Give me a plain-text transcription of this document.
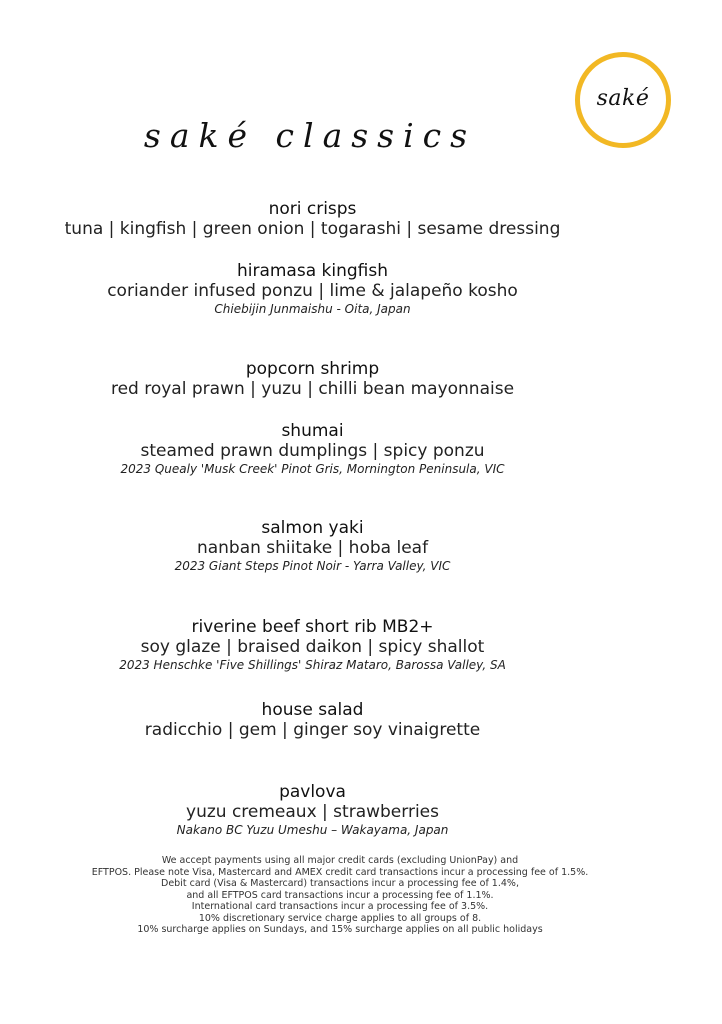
saké
saké classics
nori crisps
tuna | kingfish | green onion | togarashi | sesame dressing
hiramasa kingfish
coriander infused ponzu | lime & jalapeño kosho
Chiebijin Junmaishu - Oita, Japan
popcorn shrimp
red royal prawn | yuzu | chilli bean mayonnaise
shumai
steamed prawn dumplings | spicy ponzu
2023 Quealy 'Musk Creek' Pinot Gris, Mornington Peninsula, VIC
salmon yaki
nanban shiitake | hoba leaf
2023 Giant Steps Pinot Noir - Yarra Valley, VIC
riverine beef short rib MB2+
soy glaze | braised daikon | spicy shallot
2023 Henschke 'Five Shillings' Shiraz Mataro, Barossa Valley, SA
house salad
radicchio | gem | ginger soy vinaigrette
pavlova
yuzu cremeaux | strawberries
Nakano BC Yuzu Umeshu – Wakayama, Japan
We accept payments using all major credit cards (excluding UnionPay) and
EFTPOS. Please note Visa, Mastercard and AMEX credit card transactions incur a processing fee of 1.5%.
Debit card (Visa & Mastercard) transactions incur a processing fee of 1.4%,
and all EFTPOS card transactions incur a processing fee of 1.1%.
International card transactions incur a processing fee of 3.5%.
10% discretionary service charge applies to all groups of 8.
10% surcharge applies on Sundays, and 15% surcharge applies on all public holidays
